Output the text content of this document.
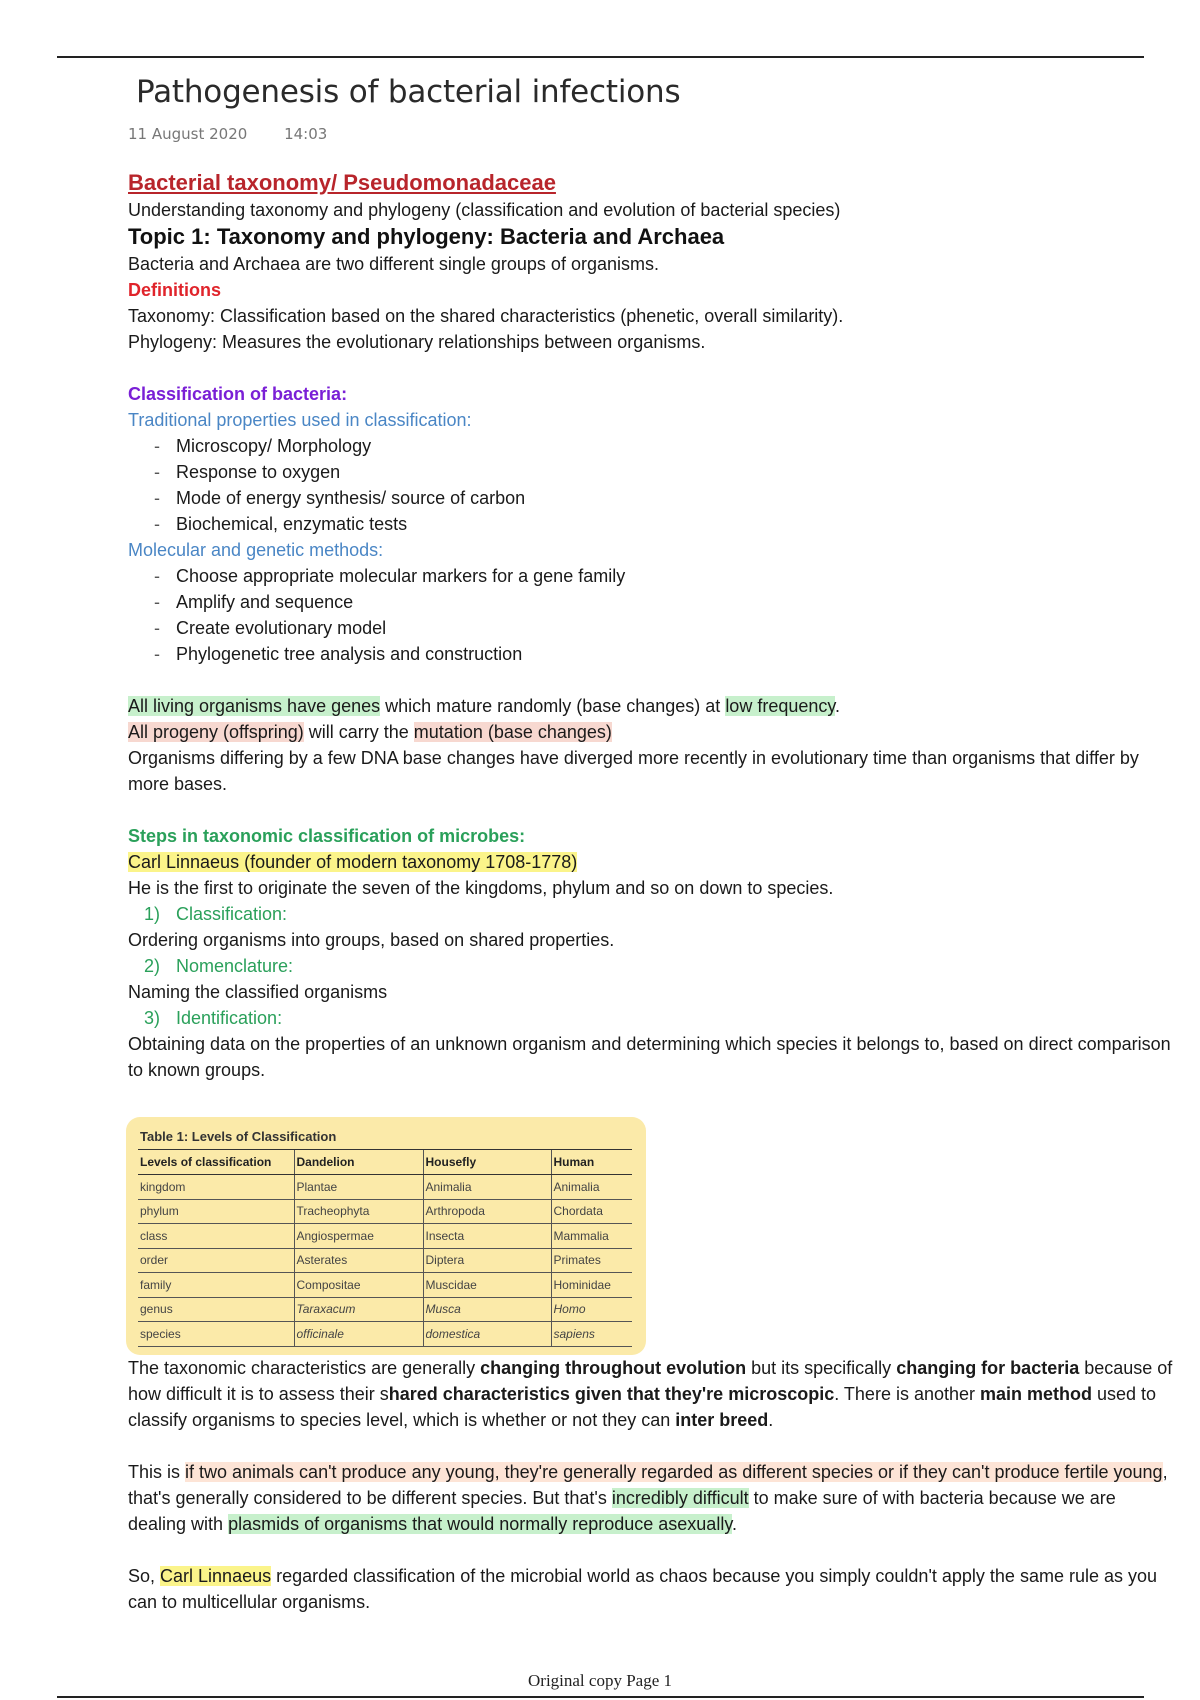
Pathogenesis of bacterial infections
11 August 2020 14:03

Bacterial taxonomy/ Pseudomonadaceae

Understanding taxonomy and phylogeny (classification and evolution of bacterial species)

Topic 1: Taxonomy and phylogeny: Bacteria and Archaea

Bacteria and Archaea are two different single groups of organisms.

Definitions

Taxonomy: Classification based on the shared characteristics (phenetic, overall similarity).

Phylogeny: Measures the evolutionary relationships between organisms.

Classification of bacteria:

Traditional properties used in classification:

- Microscopy/ Morphology
- Response to oxygen
- Mode of energy synthesis/ source of carbon
- Biochemical, enzymatic tests

Molecular and genetic methods:

- Choose appropriate molecular markers for a gene family
- Amplify and sequence
- Create evolutionary model
- Phylogenetic tree analysis and construction

All living organisms have genes which mature randomly (base changes) at low frequency.

All progeny (offspring) will carry the mutation (base changes)

Organisms differing by a few DNA base changes have diverged more recently in evolutionary time than organisms that differ by more bases.

Steps in taxonomic classification of microbes:

Carl Linnaeus (founder of modern taxonomy 1708-1778)

He is the first to originate the seven of the kingdoms, phylum and so on down to species.

1) Classification:

Ordering organisms into groups, based on shared properties.

2) Nomenclature:

Naming the classified organisms

3) Identification:

Obtaining data on the properties of an unknown organism and determining which species it belongs to, based on direct comparison to known groups.

Table 1: Levels of Classification
Levels of classification	Dandelion	Housefly	Human
kingdom	Plantae	Animalia	Animalia
phylum	Tracheophyta	Arthropoda	Chordata
class	Angiospermae	Insecta	Mammalia
order	Asterates	Diptera	Primates
family	Compositae	Muscidae	Hominidae
genus	Taraxacum	Musca	Homo
species	officinale	domestica	sapiens

The taxonomic characteristics are generally changing throughout evolution but its specifically changing for bacteria because of how difficult it is to assess their shared characteristics given that they're microscopic. There is another main method used to classify organisms to species level, which is whether or not they can inter breed.

This is if two animals can't produce any young, they're generally regarded as different species or if they can't produce fertile young, that's generally considered to be different species. But that's incredibly difficult to make sure of with bacteria because we are dealing with plasmids of organisms that would normally reproduce asexually.

So, Carl Linnaeus regarded classification of the microbial world as chaos because you simply couldn't apply the same rule as you can to multicellular organisms.

Original copy Page 1
